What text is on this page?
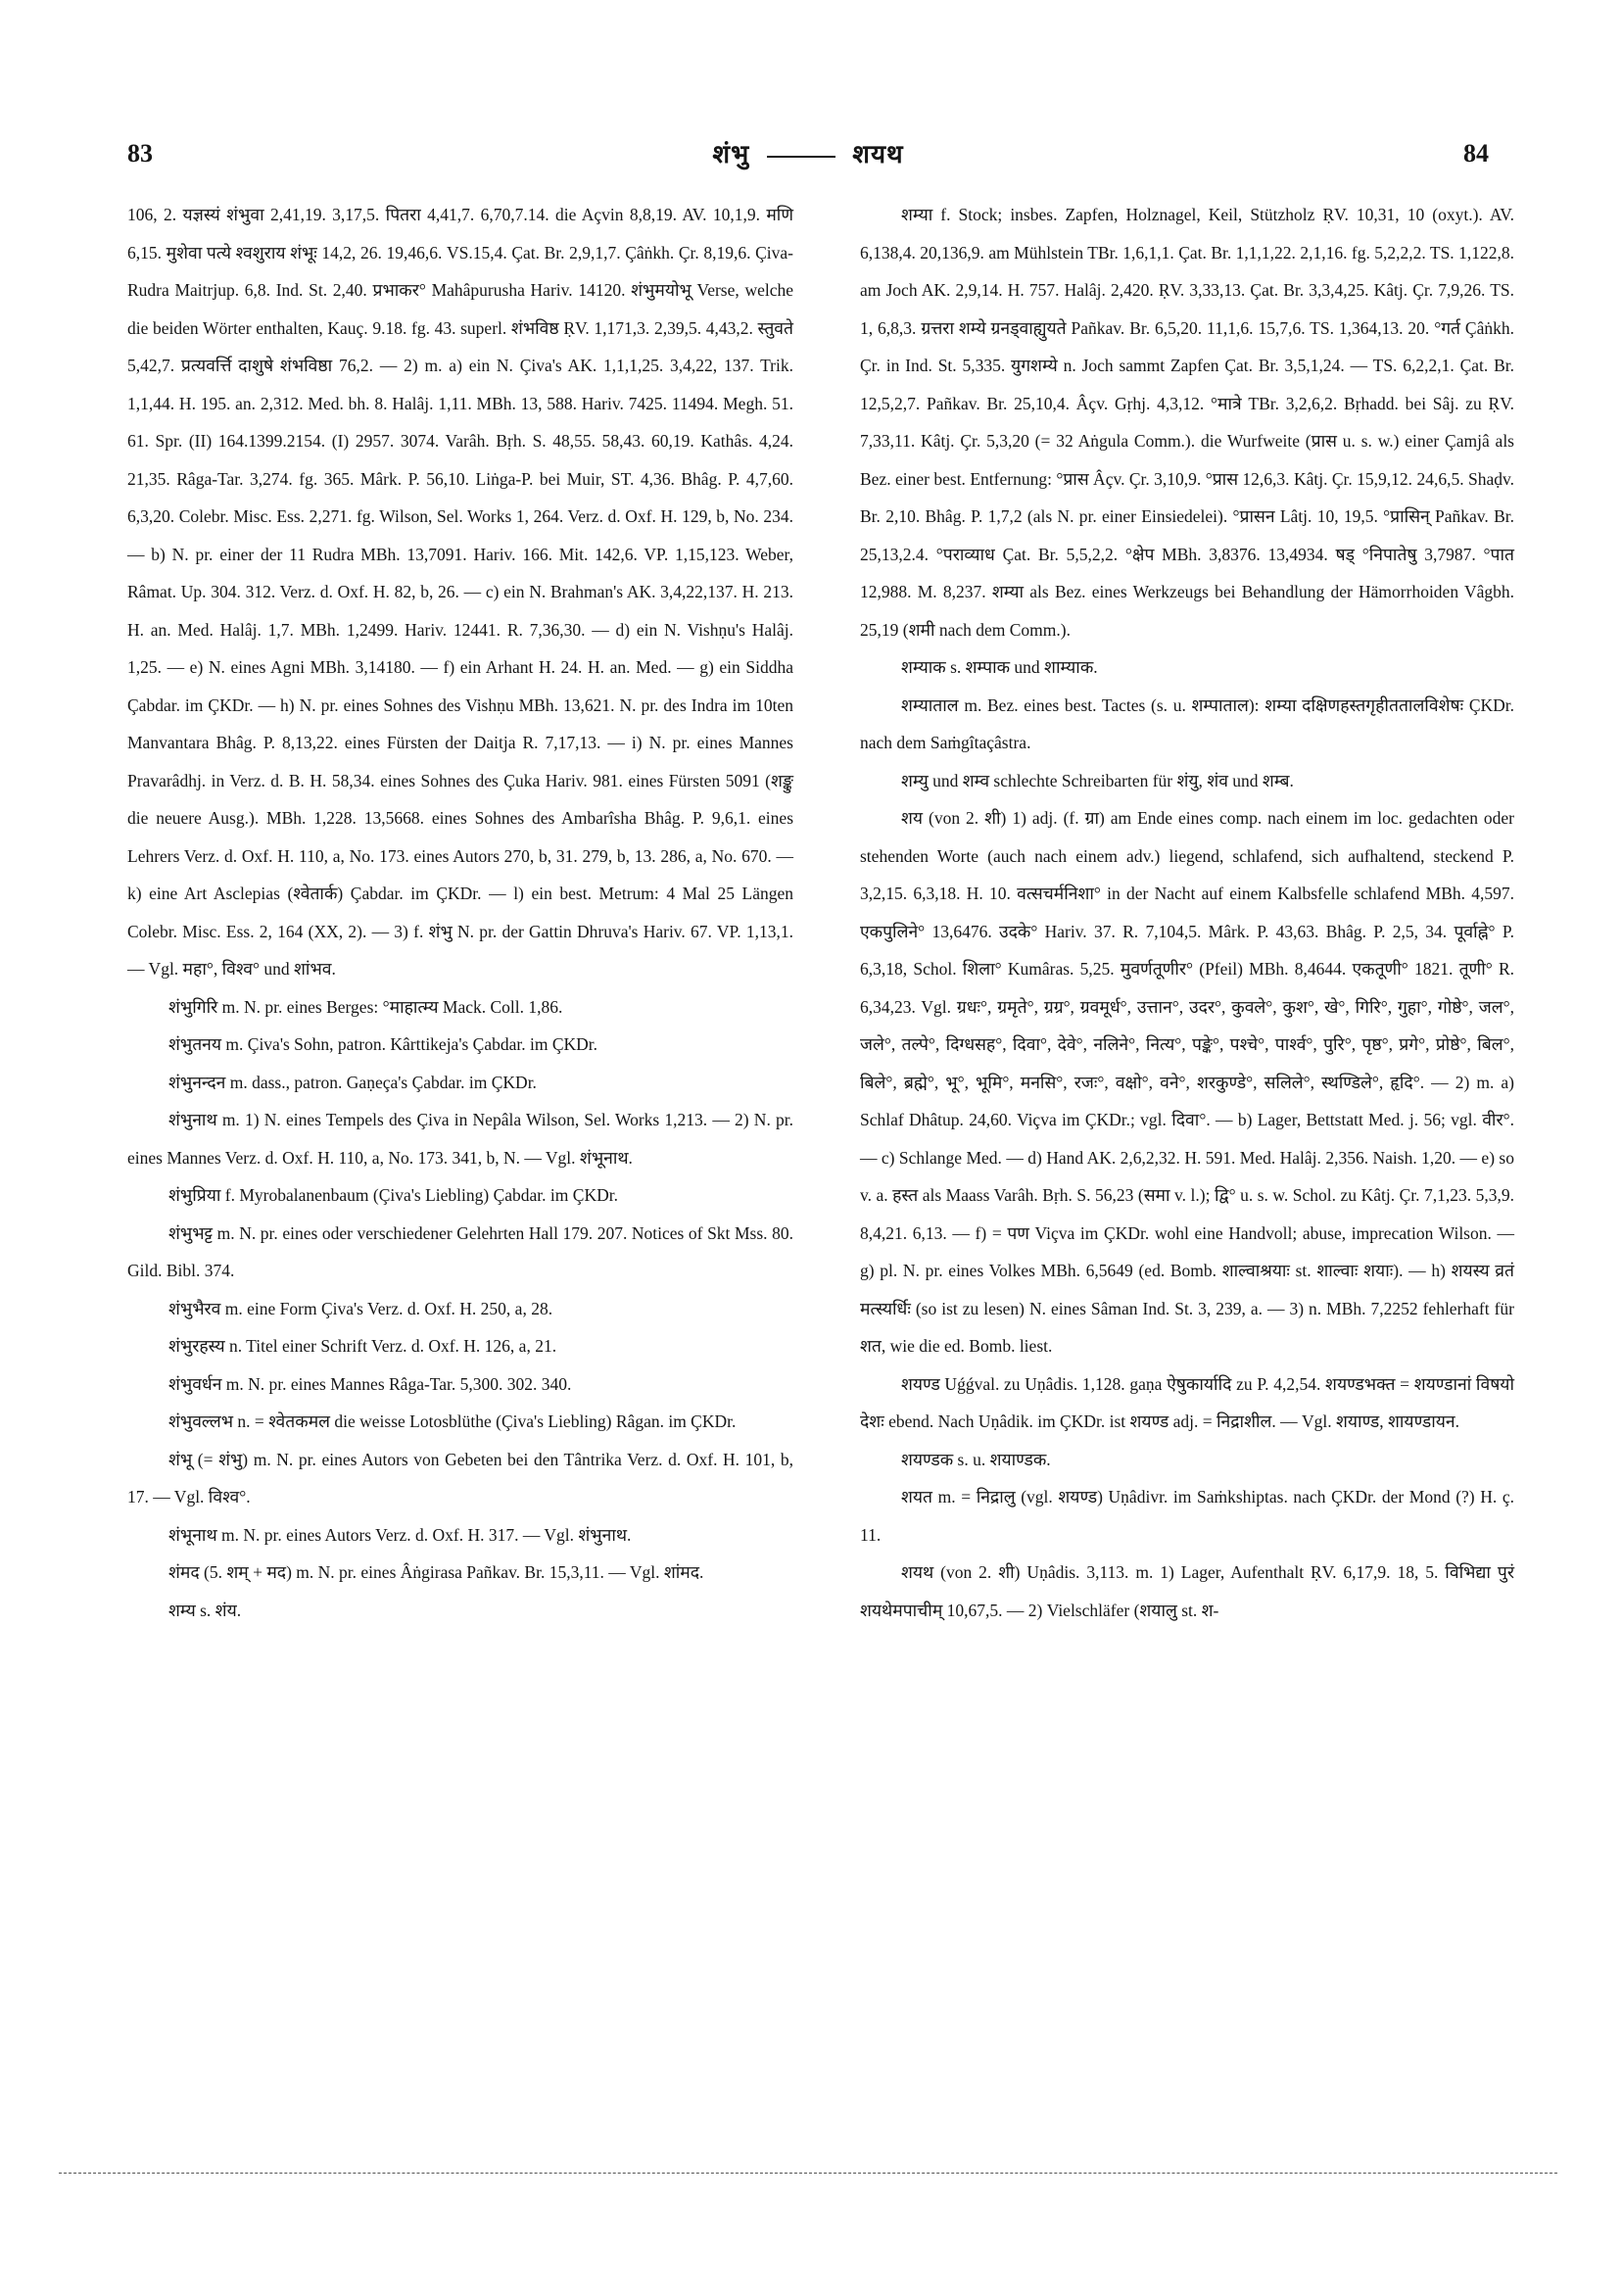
83	शंभु	शयथ	84

106, 2. यज्ञस्यं शंभुवा 2,41,19. 3,17,5. पितरा 4,41,7. 6,70,7.14. die Açvin 8,8,19. AV. 10,1,9. मणि 6,15. मुशेवा पत्ये श्वशुराय शंभूः 14,2, 26. 19,46,6. VS.15,4. Çat. Br. 2,9,1,7. Çâṅkh. Çr. 8,19,6. Çiva-Rudra Maitrjup. 6,8. Ind. St. 2,40. प्रभाकर° Mahâpurusha Hariv. 14120. शंभुमयोभू Verse, welche die beiden Wörter enthalten, Kauç. 9.18. fg. 43. superl. शंभविष्ठ ṚV. 1,171,3. 2,39,5. 4,43,2. स्तुवते 5,42,7. प्रत्यवर्त्ति दाशुषे शंभविष्ठा 76,2. — 2) m. a) ein N. Çiva's AK. 1,1,1,25. 3,4,22, 137. Trik. 1,1,44. H. 195. an. 2,312. Med. bh. 8. Halâj. 1,11. MBh. 13, 588. Hariv. 7425. 11494. Megh. 51. 61. Spr. (II) 164.1399.2154. (I) 2957. 3074. Varâh. Bṛh. S. 48,55. 58,43. 60,19. Kathâs. 4,24. 21,35. Râga-Tar. 3,274. fg. 365. Mârk. P. 56,10. Liṅga-P. bei Muir, ST. 4,36. Bhâg. P. 4,7,60. 6,3,20. Colebr. Misc. Ess. 2,271. fg. Wilson, Sel. Works 1, 264. Verz. d. Oxf. H. 129, b, No. 234. — b) N. pr. einer der 11 Rudra MBh. 13,7091. Hariv. 166. Mit. 142,6. VP. 1,15,123. Weber, Râmat. Up. 304. 312. Verz. d. Oxf. H. 82, b, 26. — c) ein N. Brahman's AK. 3,4,22,137. H. 213. H. an. Med. Halâj. 1,7. MBh. 1,2499. Hariv. 12441. R. 7,36,30. — d) ein N. Vishṇu's Halâj. 1,25. — e) N. eines Agni MBh. 3,14180. — f) ein Arhant H. 24. H. an. Med. — g) ein Siddha Çabdar. im ÇKDr. — h) N. pr. eines Sohnes des Vishṇu MBh. 13,621. N. pr. des Indra im 10ten Manvantara Bhâg. P. 8,13,22. eines Fürsten der Daitja R. 7,17,13. — i) N. pr. eines Mannes Pravarâdhj. in Verz. d. B. H. 58,34. eines Sohnes des Çuka Hariv. 981. eines Fürsten 5091 (शङ्कु die neuere Ausg.). MBh. 1,228. 13,5668. eines Sohnes des Ambarîsha Bhâg. P. 9,6,1. eines Lehrers Verz. d. Oxf. H. 110, a, No. 173. eines Autors 270, b, 31. 279, b, 13. 286, a, No. 670. — k) eine Art Asclepias (श्वेतार्क) Çabdar. im ÇKDr. — l) ein best. Metrum: 4 Mal 25 Längen Colebr. Misc. Ess. 2, 164 (XX, 2). — 3) f. शंभु N. pr. der Gattin Dhruva's Hariv. 67. VP. 1,13,1. — Vgl. महा°, विश्व° und शांभव.

शंभुगिरि m. N. pr. eines Berges: °माहात्म्य Mack. Coll. 1,86.

शंभुतनय m. Çiva's Sohn, patron. Kârttikeja's Çabdar. im ÇKDr.

शंभुनन्दन m. dass., patron. Gaṇeça's Çabdar. im ÇKDr.

शंभुनाथ m. 1) N. eines Tempels des Çiva in Nepâla Wilson, Sel. Works 1,213. — 2) N. pr. eines Mannes Verz. d. Oxf. H. 110, a, No. 173. 341, b, N. — Vgl. शंभूनाथ.

शंभुप्रिया f. Myrobalanenbaum (Çiva's Liebling) Çabdar. im ÇKDr.

शंभुभट्ट m. N. pr. eines oder verschiedener Gelehrten Hall 179. 207. Notices of Skt Mss. 80. Gild. Bibl. 374.

शंभुभैरव m. eine Form Çiva's Verz. d. Oxf. H. 250, a, 28.

शंभुरहस्य n. Titel einer Schrift Verz. d. Oxf. H. 126, a, 21.

शंभुवर्धन m. N. pr. eines Mannes Râga-Tar. 5,300. 302. 340.

शंभुवल्लभ n. = श्वेतकमल die weisse Lotosblüthe (Çiva's Liebling) Râgan. im ÇKDr.

शंभू (= शंभु) m. N. pr. eines Autors von Gebeten bei den Tântrika Verz. d. Oxf. H. 101, b, 17. — Vgl. विश्व°.

शंभूनाथ m. N. pr. eines Autors Verz. d. Oxf. H. 317. — Vgl. शंभुनाथ.

शंमद (5. शम् + मद) m. N. pr. eines Âṅgirasa Pañkav. Br. 15,3,11. — Vgl. शांमद.

शम्य s. शंय.

शम्या f. Stock; insbes. Zapfen, Holznagel, Keil, Stützholz ṚV. 10,31, 10 (oxyt.). AV. 6,138,4. 20,136,9. am Mühlstein TBr. 1,6,1,1. Çat. Br. 1,1,1,22. 2,1,16. fg. 5,2,2,2. TS. 1,122,8. am Joch AK. 2,9,14. H. 757. Halâj. 2,420. ṚV. 3,33,13. Çat. Br. 3,3,4,25. Kâtj. Çr. 7,9,26. TS. 1, 6,8,3. ग्रत्तरा शम्ये ग्रनड्वाह्युयते Pañkav. Br. 6,5,20. 11,1,6. 15,7,6. TS. 1,364,13. 20. °गर्त Çâṅkh. Çr. in Ind. St. 5,335. युगशम्ये n. Joch sammt Zapfen Çat. Br. 3,5,1,24. — TS. 6,2,2,1. Çat. Br. 12,5,2,7. Pañkav. Br. 25,10,4. Âçv. Gṛhj. 4,3,12. °मात्रे TBr. 3,2,6,2. Bṛhadd. bei Sâj. zu ṚV. 7,33,11. Kâtj. Çr. 5,3,20 (= 32 Aṅgula Comm.). die Wurfweite (प्रास u. s. w.) einer Çamjâ als Bez. einer best. Entfernung: °प्रास Âçv. Çr. 3,10,9. °प्रास 12,6,3. Kâtj. Çr. 15,9,12. 24,6,5. Shaḍv. Br. 2,10. Bhâg. P. 1,7,2 (als N. pr. einer Einsiedelei). °प्रासन Lâtj. 10, 19,5. °प्रासिन् Pañkav. Br. 25,13,2.4. °पराव्याध Çat. Br. 5,5,2,2. °क्षेप MBh. 3,8376. 13,4934. षड् °निपातेषु 3,7987. °पात 12,988. M. 8,237. शम्या als Bez. eines Werkzeugs bei Behandlung der Hämorrhoiden Vâgbh. 25,19 (शमी nach dem Comm.).

शम्याक s. शम्पाक und शाम्याक.

शम्याताल m. Bez. eines best. Tactes (s. u. शम्पाताल): शम्या दक्षिणहस्तगृहीततालविशेषः ÇKDr. nach dem Saṁgîtaçâstra.

शम्यु und शम्व schlechte Schreibarten für शंयु, शंव und शम्ब.

शय (von 2. शी) 1) adj. (f. ग्रा) am Ende eines comp. nach einem im loc. gedachten oder stehenden Worte (auch nach einem adv.) liegend, schlafend, sich aufhaltend, steckend P. 3,2,15. 6,3,18. H. 10. वत्सचर्मनिशा° in der Nacht auf einem Kalbsfelle schlafend MBh. 4,597. एकपुलिने° 13,6476. उदके° Hariv. 37. R. 7,104,5. Mârk. P. 43,63. Bhâg. P. 2,5, 34. पूर्वाह्ने° P. 6,3,18, Schol. शिला° Kumâras. 5,25. मुवर्णतूणीर° (Pfeil) MBh. 8,4644. एकतूणी° 1821. तूणी° R. 6,34,23. Vgl. ग्रधः°, ग्रमृते°, ग्रग्र°, ग्रवमूर्ध°, उत्तान°, उदर°, कुवले°, कुश°, खे°, गिरि°, गुहा°, गोष्ठे°, जल°, जले°, तल्पे°, दिग्धसह°, दिवा°, देवे°, नलिने°, नित्य°, पङ्के°, पश्चे°, पार्श्व°, पुरि°, पृष्ठ°, प्रगे°, प्रोष्ठे°, बिल°, बिले°, ब्रह्मे°, भू°, भूमि°, मनसि°, रजः°, वक्षो°, वने°, शरकुण्डे°, सलिले°, स्थण्डिले°, हृदि°. — 2) m. a) Schlaf Dhâtup. 24,60. Viçva im ÇKDr.; vgl. दिवा°. — b) Lager, Bettstatt Med. j. 56; vgl. वीर°. — c) Schlange Med. — d) Hand AK. 2,6,2,32. H. 591. Med. Halâj. 2,356. Naish. 1,20. — e) so v. a. हस्त als Maass Varâh. Bṛh. S. 56,23 (समा v. l.); द्वि° u. s. w. Schol. zu Kâtj. Çr. 7,1,23. 5,3,9. 8,4,21. 6,13. — f) = पण Viçva im ÇKDr. wohl eine Handvoll; abuse, imprecation Wilson. — g) pl. N. pr. eines Volkes MBh. 6,5649 (ed. Bomb. शाल्वाश्रयाः st. शाल्वाः शयाः). — h) शयस्य व्रतं मत्स्यर्धिः (so ist zu lesen) N. eines Sâman Ind. St. 3, 239, a. — 3) n. MBh. 7,2252 fehlerhaft für शत, wie die ed. Bomb. liest.

शयण्ड Uǵǵval. zu Uṇâdis. 1,128. gaṇa ऐषुकार्यादि zu P. 4,2,54. शयण्डभक्त = शयण्डानां विषयो देशः ebend. Nach Uṇâdik. im ÇKDr. ist शयण्ड adj. = निद्राशील. — Vgl. शयाण्ड, शायण्डायन.

शयण्डक s. u. शयाण्डक.

शयत m. = निद्रालु (vgl. शयण्ड) Uṇâdivr. im Saṁkshiptas. nach ÇKDr. der Mond (?) H. ç. 11.

शयथ (von 2. शी) Uṇâdis. 3,113. m. 1) Lager, Aufenthalt ṚV. 6,17,9. 18, 5. विभिद्या पुरं शयथेमपाचीम् 10,67,5. — 2) Vielschläfer (शयालु st. श-
